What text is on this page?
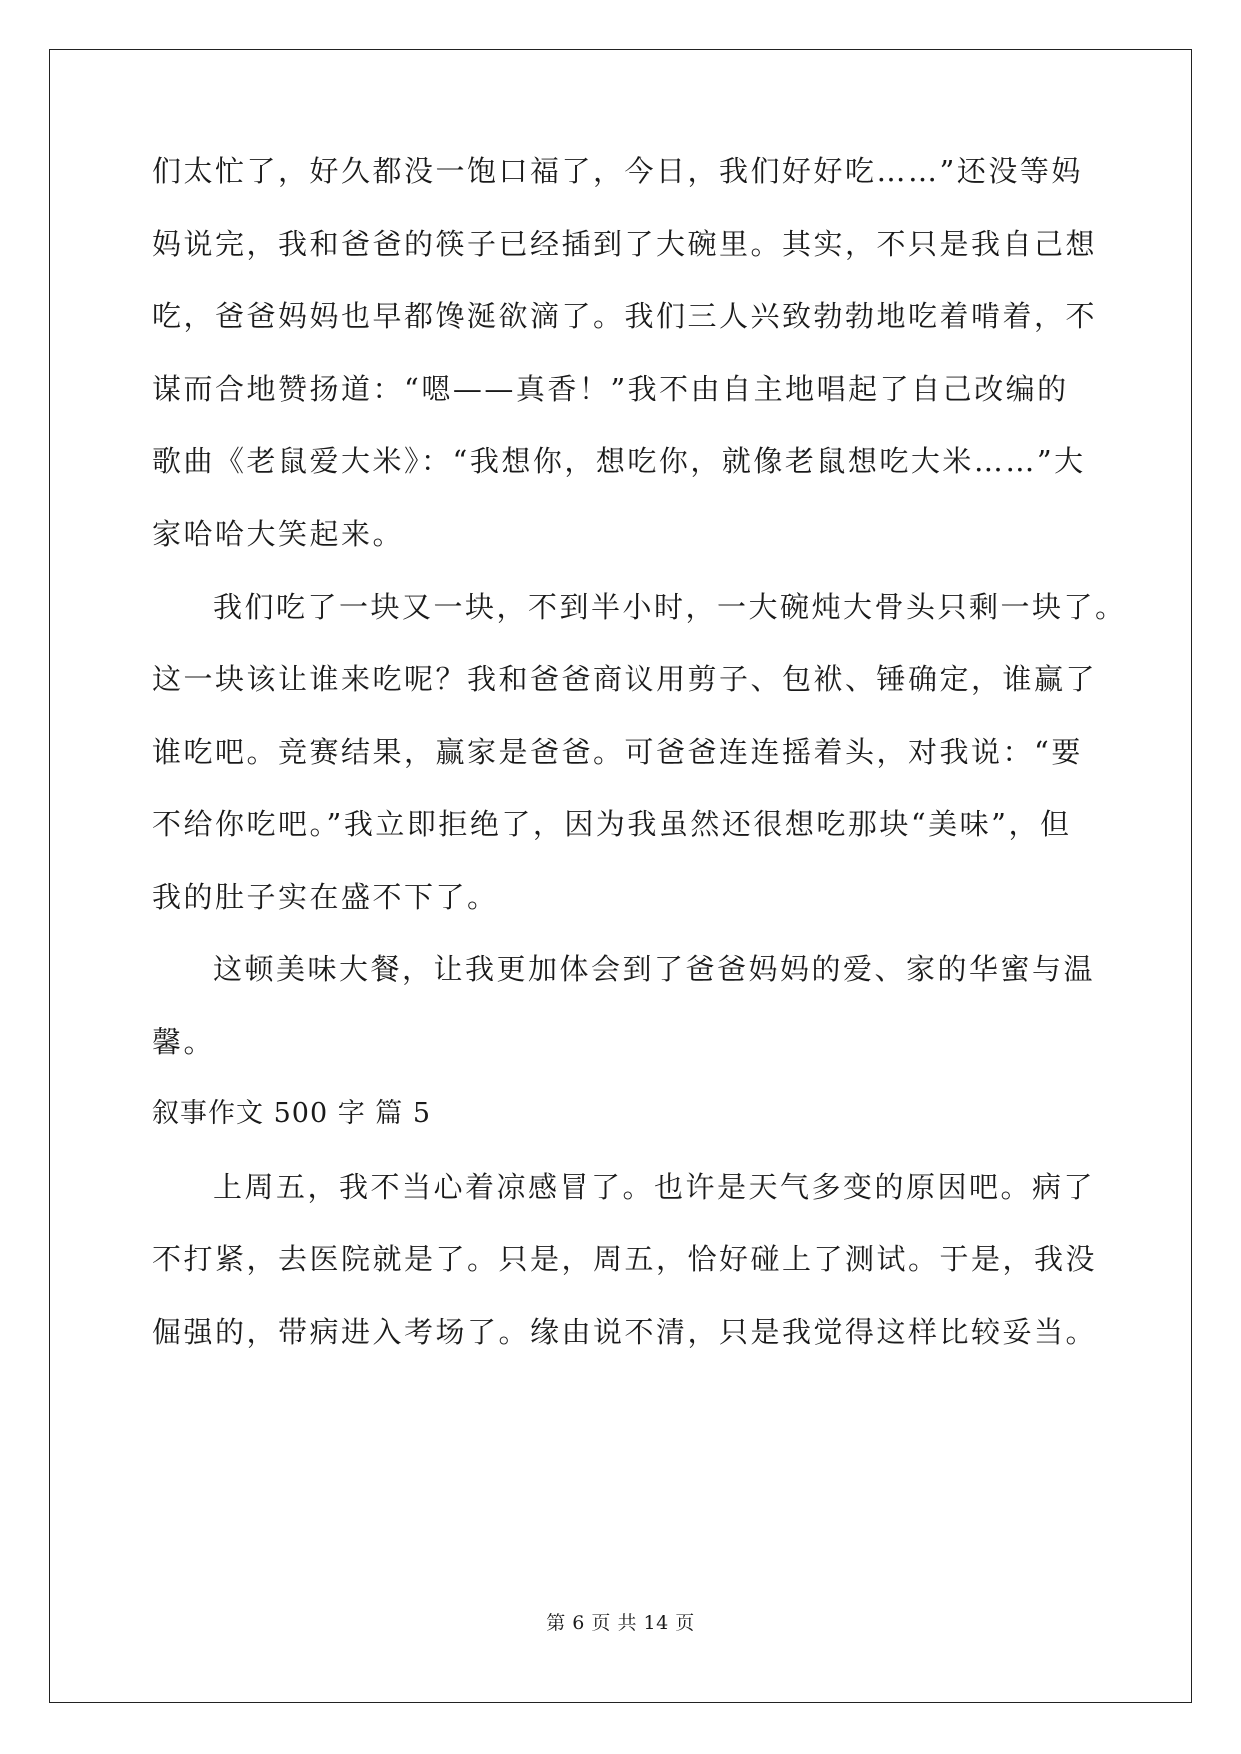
们太忙了，好久都没一饱口福了，今日，我们好好吃……”还没等妈
妈说完，我和爸爸的筷子已经插到了大碗里。其实，不只是我自己想
吃，爸爸妈妈也早都馋涎欲滴了。我们三人兴致勃勃地吃着啃着，不
谋而合地赞扬道：“嗯——真香！”我不由自主地唱起了自己改编的
歌曲《老鼠爱大米》：“我想你，想吃你，就像老鼠想吃大米……”大
家哈哈大笑起来。
我们吃了一块又一块，不到半小时，一大碗炖大骨头只剩一块了。
这一块该让谁来吃呢？我和爸爸商议用剪子、包袱、锤确定，谁赢了
谁吃吧。竞赛结果，赢家是爸爸。可爸爸连连摇着头，对我说：“要
不给你吃吧。”我立即拒绝了，因为我虽然还很想吃那块“美味”，但
我的肚子实在盛不下了。
这顿美味大餐，让我更加体会到了爸爸妈妈的爱、家的华蜜与温
馨。
叙事作文 500 字 篇 5
上周五，我不当心着凉感冒了。也许是天气多变的原因吧。病了
不打紧，去医院就是了。只是，周五，恰好碰上了测试。于是，我没
倔强的，带病进入考场了。缘由说不清，只是我觉得这样比较妥当。
第 6 页 共 14 页
